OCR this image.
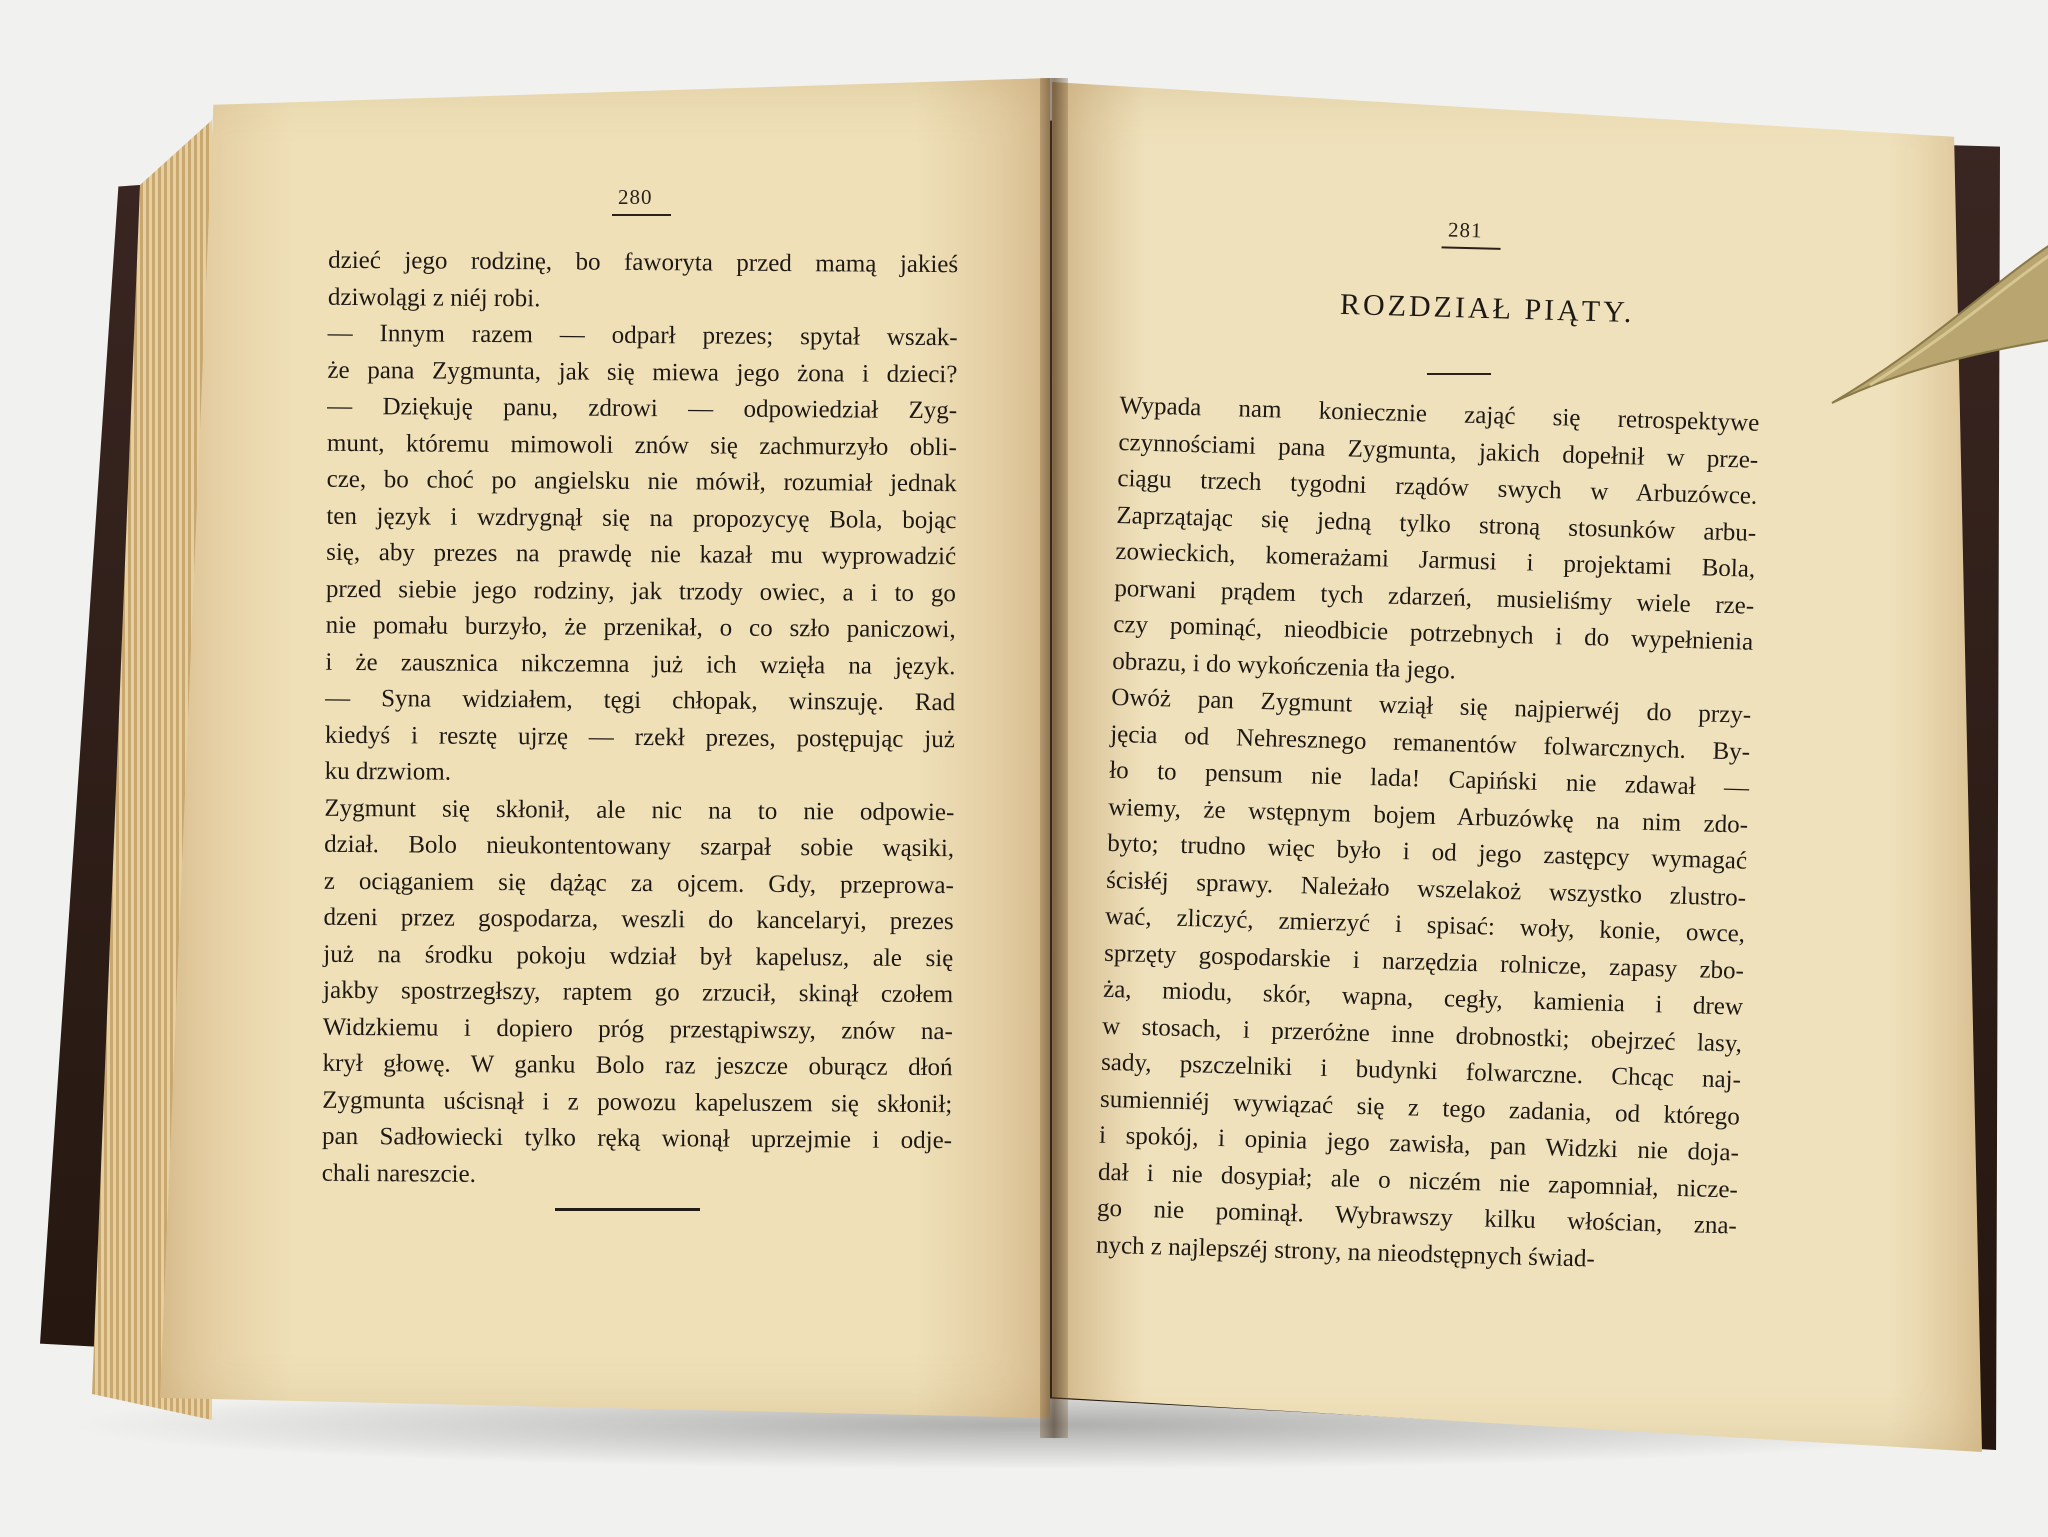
280
281
dzieć jego rodzinę, bo faworyta przed mamą jakieś
dziwolągi z niéj robi.
— Innym razem — odparł prezes; spytał wszak-
że pana Zygmunta, jak się miewa jego żona i dzieci?
— Dziękuję panu, zdrowi — odpowiedział Zyg-
munt, któremu mimowoli znów się zachmurzyło obli-
cze, bo choć po angielsku nie mówił, rozumiał jednak
ten język i wzdrygnął się na propozycyę Bola, bojąc
się, aby prezes na prawdę nie kazał mu wyprowadzić
przed siebie jego rodziny, jak trzody owiec, a i to go
nie pomału burzyło, że przenikał, o co szło paniczowi,
i że zausznica nikczemna już ich wzięła na język.
— Syna widziałem, tęgi chłopak, winszuję. Rad
kiedyś i resztę ujrzę — rzekł prezes, postępując już
ku drzwiom.
Zygmunt się skłonił, ale nic na to nie odpowie-
dział. Bolo nieukontentowany szarpał sobie wąsiki,
z ociąganiem się dążąc za ojcem. Gdy, przeprowa-
dzeni przez gospodarza, weszli do kancelaryi, prezes
już na środku pokoju wdział był kapelusz, ale się
jakby spostrzegłszy, raptem go zrzucił, skinął czołem
Widzkiemu i dopiero próg przestąpiwszy, znów na-
krył głowę. W ganku Bolo raz jeszcze oburącz dłoń
Zygmunta uścisnął i z powozu kapeluszem się skłonił;
pan Sadłowiecki tylko ręką wionął uprzejmie i odje-
chali nareszcie.
ROZDZIAŁ PIĄTY.
Wypada nam koniecznie zająć się retrospektywe
czynnościami pana Zygmunta, jakich dopełnił w prze-
ciągu trzech tygodni rządów swych w Arbuzówce.
Zaprzątając się jedną tylko stroną stosunków arbu-
zowieckich, komerażami Jarmusi i projektami Bola,
porwani prądem tych zdarzeń, musieliśmy wiele rze-
czy pominąć, nieodbicie potrzebnych i do wypełnienia
obrazu, i do wykończenia tła jego.
Owóż pan Zygmunt wziął się najpierwéj do przy-
jęcia od Nehresznego remanentów folwarcznych. By-
ło to pensum nie lada! Capiński nie zdawał —
wiemy, że wstępnym bojem Arbuzówkę na nim zdo-
byto; trudno więc było i od jego zastępcy wymagać
ścisłéj sprawy. Należało wszelakoż wszystko zlustro-
wać, zliczyć, zmierzyć i spisać: woły, konie, owce,
sprzęty gospodarskie i narzędzia rolnicze, zapasy zbo-
ża, miodu, skór, wapna, cegły, kamienia i drew
w stosach, i przeróżne inne drobnostki; obejrzeć lasy,
sady, pszczelniki i budynki folwarczne. Chcąc naj-
sumienniéj wywiązać się z tego zadania, od którego
i spokój, i opinia jego zawisła, pan Widzki nie doja-
dał i nie dosypiał; ale o niczém nie zapomniał, nicze-
go nie pominął. Wybrawszy kilku włościan, zna-
nych z najlepszéj strony, na nieodstępnych świad-
